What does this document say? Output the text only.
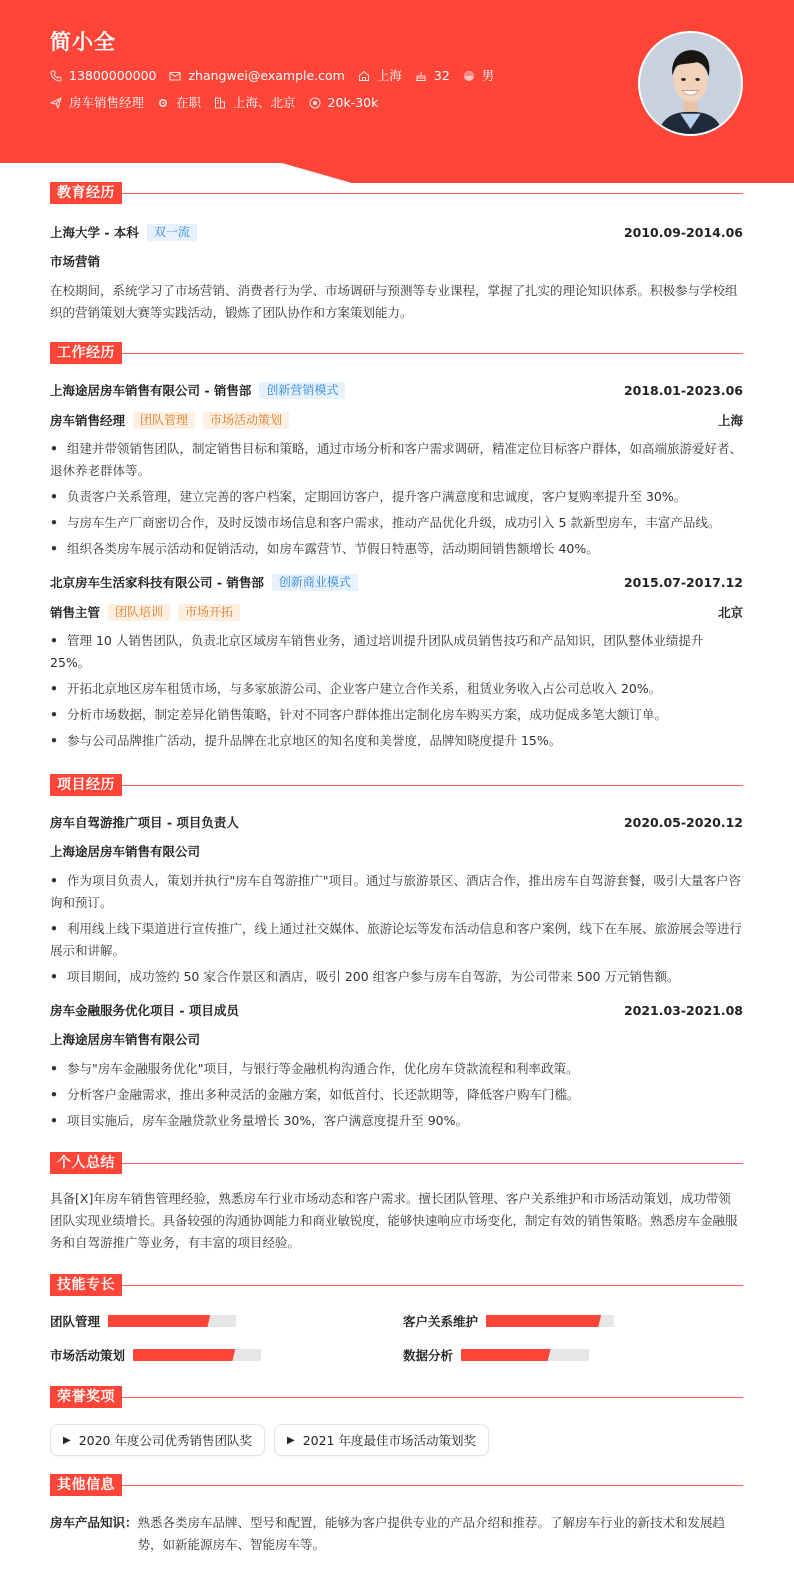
简小全
13800000000	zhangwei@example.com	上海	32	男
房车销售经理	在职	上海、北京	20k-30k
教育经历
上海大学 - 本科	双一流	2010.09-2014.06
市场营销
在校期间，系统学习了市场营销、消费者行为学、市场调研与预测等专业课程，掌握了扎实的理论知识体系。积极参与学校组织的营销策划大赛等实践活动，锻炼了团队协作和方案策划能力。
工作经历
上海途居房车销售有限公司 - 销售部	创新营销模式	2018.01-2023.06
房车销售经理	团队管理	市场活动策划	上海
• 组建并带领销售团队，制定销售目标和策略，通过市场分析和客户需求调研，精准定位目标客户群体，如高端旅游爱好者、退休养老群体等。
• 负责客户关系管理，建立完善的客户档案，定期回访客户，提升客户满意度和忠诚度，客户复购率提升至 30%。
• 与房车生产厂商密切合作，及时反馈市场信息和客户需求，推动产品优化升级，成功引入 5 款新型房车，丰富产品线。
• 组织各类房车展示活动和促销活动，如房车露营节、节假日特惠等，活动期间销售额增长 40%。
北京房车生活家科技有限公司 - 销售部	创新商业模式	2015.07-2017.12
销售主管	团队培训	市场开拓	北京
• 管理 10 人销售团队，负责北京区域房车销售业务，通过培训提升团队成员销售技巧和产品知识，团队整体业绩提升 25%。
• 开拓北京地区房车租赁市场，与多家旅游公司、企业客户建立合作关系，租赁业务收入占公司总收入 20%。
• 分析市场数据，制定差异化销售策略，针对不同客户群体推出定制化房车购买方案，成功促成多笔大额订单。
• 参与公司品牌推广活动，提升品牌在北京地区的知名度和美誉度，品牌知晓度提升 15%。
项目经历
房车自驾游推广项目 - 项目负责人	2020.05-2020.12
上海途居房车销售有限公司
• 作为项目负责人，策划并执行"房车自驾游推广"项目。通过与旅游景区、酒店合作，推出房车自驾游套餐，吸引大量客户咨询和预订。
• 利用线上线下渠道进行宣传推广，线上通过社交媒体、旅游论坛等发布活动信息和客户案例，线下在车展、旅游展会等进行展示和讲解。
• 项目期间，成功签约 50 家合作景区和酒店，吸引 200 组客户参与房车自驾游，为公司带来 500 万元销售额。
房车金融服务优化项目 - 项目成员	2021.03-2021.08
上海途居房车销售有限公司
• 参与"房车金融服务优化"项目，与银行等金融机构沟通合作，优化房车贷款流程和利率政策。
• 分析客户金融需求，推出多种灵活的金融方案，如低首付、长还款期等，降低客户购车门槛。
• 项目实施后，房车金融贷款业务量增长 30%，客户满意度提升至 90%。
个人总结
具备[X]年房车销售管理经验，熟悉房车行业市场动态和客户需求。擅长团队管理、客户关系维护和市场活动策划，成功带领团队实现业绩增长。具备较强的沟通协调能力和商业敏锐度，能够快速响应市场变化，制定有效的销售策略。熟悉房车金融服务和自驾游推广等业务，有丰富的项目经验。
技能专长
团队管理	客户关系维护
市场活动策划	数据分析
荣誉奖项
▶ 2020 年度公司优秀销售团队奖	▶ 2021 年度最佳市场活动策划奖
其他信息
房车产品知识： 熟悉各类房车品牌、型号和配置，能够为客户提供专业的产品介绍和推荐。了解房车行业的新技术和发展趋势，如新能源房车、智能房车等。
